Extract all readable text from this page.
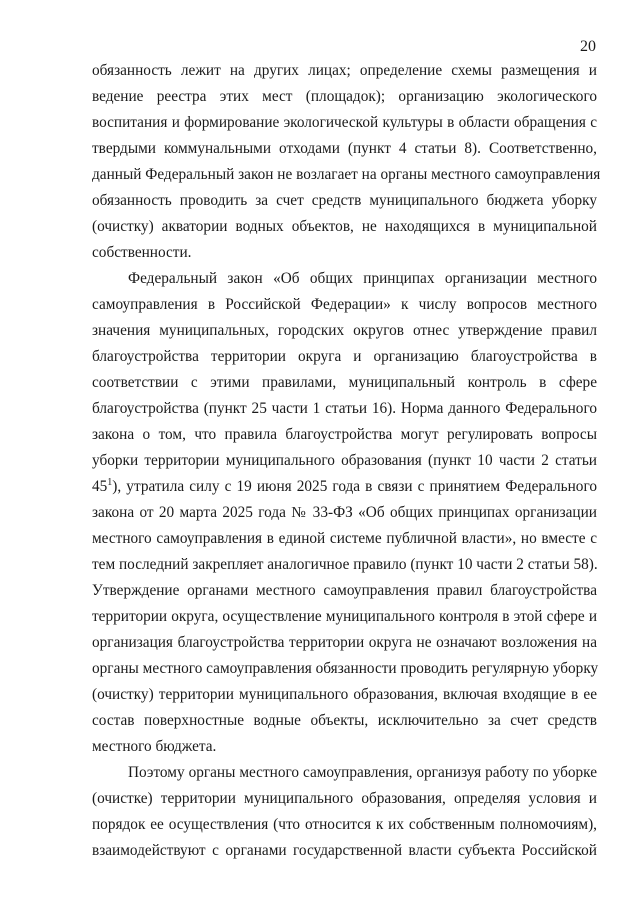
20
обязанность лежит на других лицах; определение схемы размещения и
ведение реестра этих мест (площадок); организацию экологического
воспитания и формирование экологической культуры в области обращения с
твердыми коммунальными отходами (пункт 4 статьи 8). Соответственно,
данный Федеральный закон не возлагает на органы местного самоуправления
обязанность проводить за счет средств муниципального бюджета уборку
(очистку) акватории водных объектов, не находящихся в муниципальной
собственности.
Федеральный закон «Об общих принципах организации местного
самоуправления в Российской Федерации» к числу вопросов местного
значения муниципальных, городских округов отнес утверждение правил
благоустройства территории округа и организацию благоустройства в
соответствии с этими правилами, муниципальный контроль в сфере
благоустройства (пункт 25 части 1 статьи 16). Норма данного Федерального
закона о том, что правила благоустройства могут регулировать вопросы
уборки территории муниципального образования (пункт 10 части 2 статьи
$45^1$), утратила силу с 19 июня 2025 года в связи с принятием Федерального
закона от 20 марта 2025 года № 33-ФЗ «Об общих принципах организации
местного самоуправления в единой системе публичной власти», но вместе с
тем последний закрепляет аналогичное правило (пункт 10 части 2 статьи 58).
Утверждение органами местного самоуправления правил благоустройства
территории округа, осуществление муниципального контроля в этой сфере и
организация благоустройства территории округа не означают возложения на
органы местного самоуправления обязанности проводить регулярную уборку
(очистку) территории муниципального образования, включая входящие в ее
состав поверхностные водные объекты, исключительно за счет средств
местного бюджета.
Поэтому органы местного самоуправления, организуя работу по уборке
(очистке) территории муниципального образования, определяя условия и
порядок ее осуществления (что относится к их собственным полномочиям),
взаимодействуют с органами государственной власти субъекта Российской
